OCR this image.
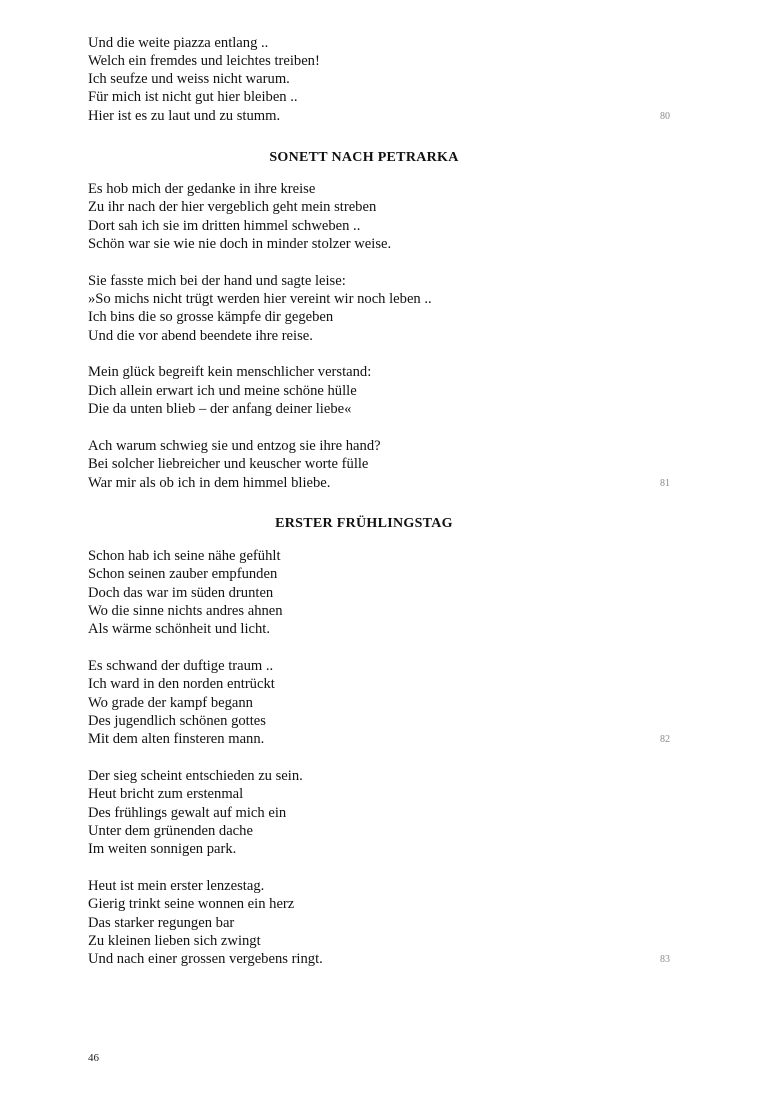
Und die weite piazza entlang ..
Welch ein fremdes und leichtes treiben!
Ich seufze und weiss nicht warum.
Für mich ist nicht gut hier bleiben ..
Hier ist es zu laut und zu stumm.	80
SONETT NACH PETRARKA
Es hob mich der gedanke in ihre kreise
Zu ihr nach der hier vergeblich geht mein streben
Dort sah ich sie im dritten himmel schweben ..
Schön war sie wie nie doch in minder stolzer weise.
Sie fasste mich bei der hand und sagte leise:
»So michs nicht trügt werden hier vereint wir noch leben ..
Ich bins die so grosse kämpfe dir gegeben
Und die vor abend beendete ihre reise.
Mein glück begreift kein menschlicher verstand:
Dich allein erwart ich und meine schöne hülle
Die da unten blieb – der anfang deiner liebe«
Ach warum schwieg sie und entzog sie ihre hand?
Bei solcher liebreicher und keuscher worte fülle
War mir als ob ich in dem himmel bliebe.	81
ERSTER FRÜHLINGSTAG
Schon hab ich seine nähe gefühlt
Schon seinen zauber empfunden
Doch das war im süden drunten
Wo die sinne nichts andres ahnen
Als wärme schönheit und licht.
Es schwand der duftige traum ..
Ich ward in den norden entrückt
Wo grade der kampf begann
Des jugendlich schönen gottes
Mit dem alten finsteren mann.	82
Der sieg scheint entschieden zu sein.
Heut bricht zum erstenmal
Des frühlings gewalt auf mich ein
Unter dem grünenden dache
Im weiten sonnigen park.
Heut ist mein erster lenzestag.
Gierig trinkt seine wonnen ein herz
Das starker regungen bar
Zu kleinen lieben sich zwingt
Und nach einer grossen vergebens ringt.	83
46
